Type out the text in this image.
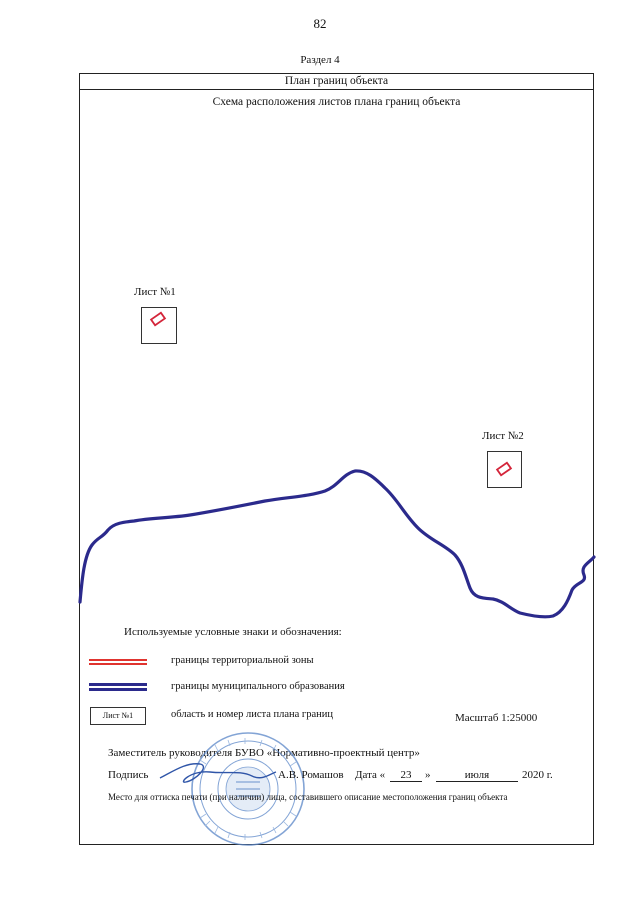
82
Раздел 4
План границ объекта
Схема расположения листов плана границ объекта
Лист №1
Лист №2
Используемые условные знаки и обозначения:
границы территориальной зоны
границы муниципального образования
Лист №1	область и номер листа плана границ	Масштаб 1:25000
Заместитель руководителя БУВО «Нормативно-проектный центр»
Подпись	А.В. Ромашов Дата «	23	»	июля	2020 г.
Место для оттиска печати (при наличии) лица, составившего описание местоположения границ объекта
